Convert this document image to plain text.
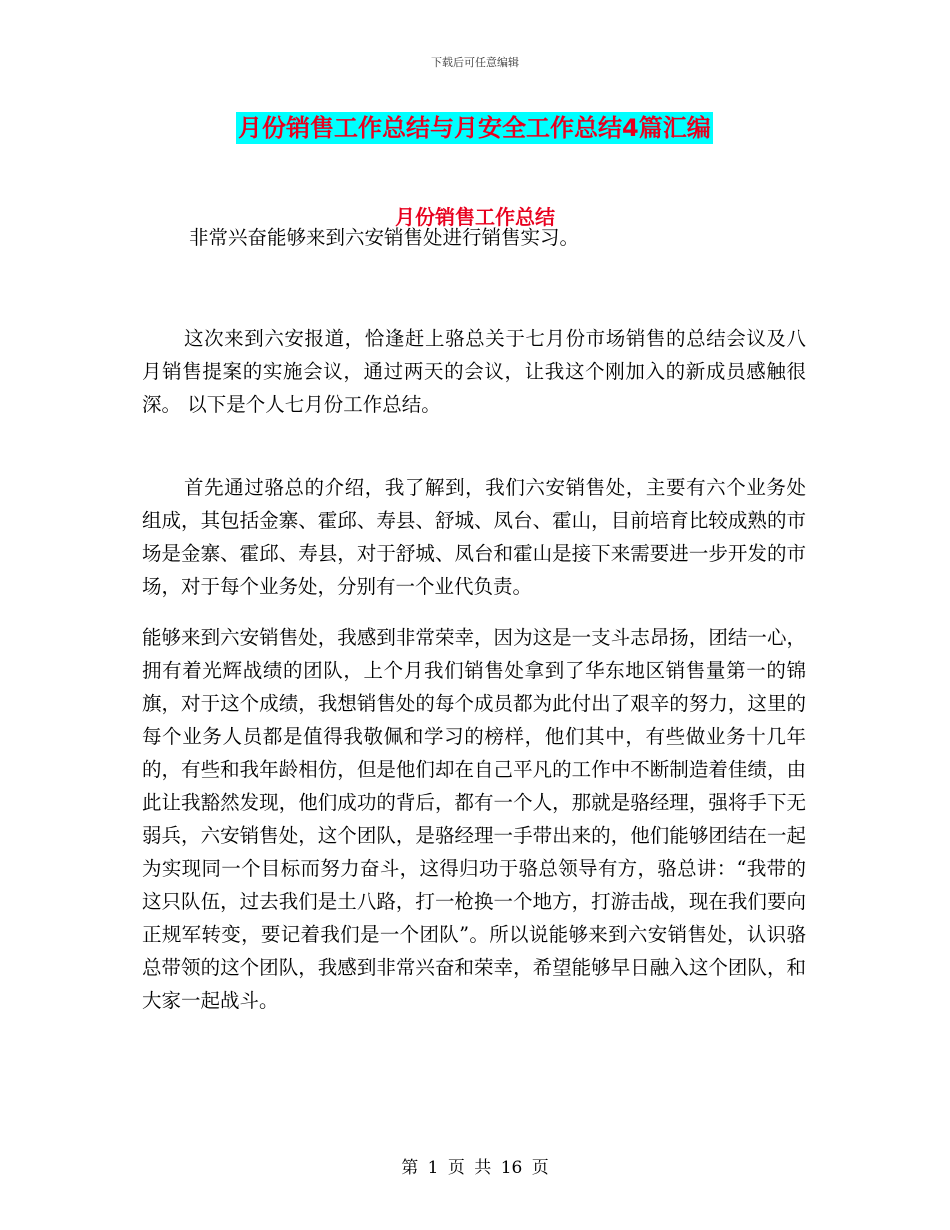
下载后可任意编辑
月份销售工作总结与月安全工作总结4篇汇编
月份销售工作总结

非常兴奋能够来到六安销售处进行销售实习。

这次来到六安报道，恰逢赶上骆总关于七月份市场销售的总结会议及八月销售提案的实施会议，通过两天的会议，让我这个刚加入的新成员感触很深。 以下是个人七月份工作总结。

首先通过骆总的介绍，我了解到，我们六安销售处，主要有六个业务处组成，其包括金寨、霍邱、寿县、舒城、凤台、霍山，目前培育比较成熟的市场是金寨、霍邱、寿县，对于舒城、凤台和霍山是接下来需要进一步开发的市场，对于每个业务处，分别有一个业代负责。

能够来到六安销售处，我感到非常荣幸，因为这是一支斗志昂扬，团结一心，拥有着光辉战绩的团队，上个月我们销售处拿到了华东地区销售量第一的锦旗，对于这个成绩，我想销售处的每个成员都为此付出了艰辛的努力，这里的每个业务人员都是值得我敬佩和学习的榜样，他们其中，有些做业务十几年的，有些和我年龄相仿，但是他们却在自己平凡的工作中不断制造着佳绩，由此让我豁然发现，他们成功的背后，都有一个人，那就是骆经理，强将手下无弱兵，六安销售处，这个团队，是骆经理一手带出来的，他们能够团结在一起为实现同一个目标而努力奋斗，这得归功于骆总领导有方，骆总讲：“我带的这只队伍，过去我们是土八路，打一枪换一个地方，打游击战，现在我们要向正规军转变，要记着我们是一个团队”。所以说能够来到六安销售处，认识骆总带领的这个团队，我感到非常兴奋和荣幸，希望能够早日融入这个团队，和大家一起战斗。

第 1 页 共 16 页
